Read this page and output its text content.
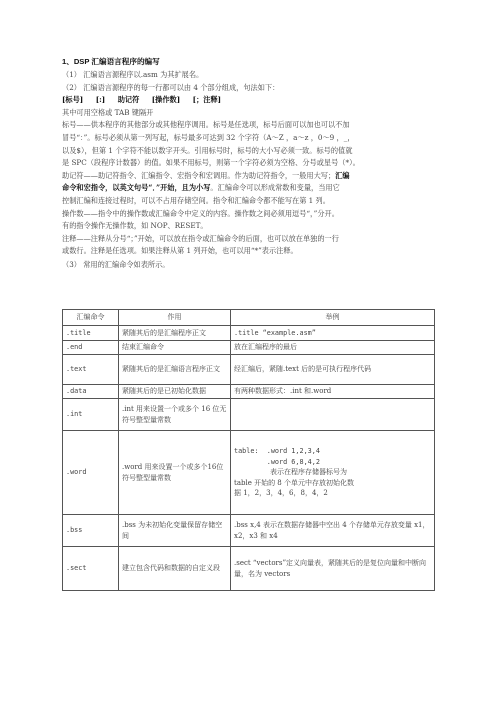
1、DSP 汇编语言程序的编写
（1） 汇编语言源程序以.asm 为其扩展名。
（2） 汇编语言源程序的每一行都可以由 4 个部分组成，句法如下：
[标号] [:] 助记符 [操作数] [；注释]
其中可用空格或 TAB 键隔开
标号——供本程序的其他部分或其他程序调用。标号是任选项，标号后面可以加也可以不加
冒号“：”。标号必须从第一列写起，标号最多可达到 32 个字符（A～Z ，a～z ，0～9 ，_，
以及$），但第 1 个字符不能以数字开头。引用标号时，标号的大小写必须一致。标号的值就
是 SPC（段程序计数器）的值。如果不用标号，则第一个字符必须为空格、分号或星号（*）。
助记符——助记符指令、汇编指令、宏指令和宏调用。作为助记符指令，一般用大写；汇编
命令和宏指令，以英文句号“．”开始，且为小写。汇编命令可以形成常数和变量，当用它
控制汇编和连接过程时，可以不占用存储空间。指令和汇编命令都不能写在第 1 列。
操作数——指令中的操作数或汇编命令中定义的内容。操作数之间必须用逗号“，”分开。
有的指令操作无操作数，如 NOP、RESET。
注释——注释从分号“；”开始，可以放在指令或汇编命令的后面，也可以放在单独的一行
或数行。注释是任选项。如果注释从第 1 列开始，也可以用“*”表示注释。
（3） 常用的汇编命令如表所示。
汇编命令	作用	举例
.title	紧随其后的是汇编程序正文	.title “example.asm”
.end	结束汇编命令	放在汇编程序的最后
.text	紧随其后的是汇编语言程序正文	经汇编后，紧随.text 后的是可执行程序代码
.data	紧随其后的是已初始化数据	有两种数据形式：.int 和.word
.int	.int 用来设置一个或多个 16 位无符号整型量常数	
.word	.word 用来设置一个或多个16位符号整型量常数	table:  .word 1,2,3,4
.word 6,8,4,2
表示在程序存储器标号为
table 开始的 8 个单元中存放初始化数
据 1，2，3，4，6，8，4，2

.bss	.bss 为未初始化变量保留存储空间	.bss x,4 表示在数据存储器中空出 4 个存储单元存放变量 x1，x2，x3 和 x4
.sect	建立包含代码和数据的自定义段	.sect “vectors”定义向量表，紧随其后的是复位向量和中断向量，名为 vectors
